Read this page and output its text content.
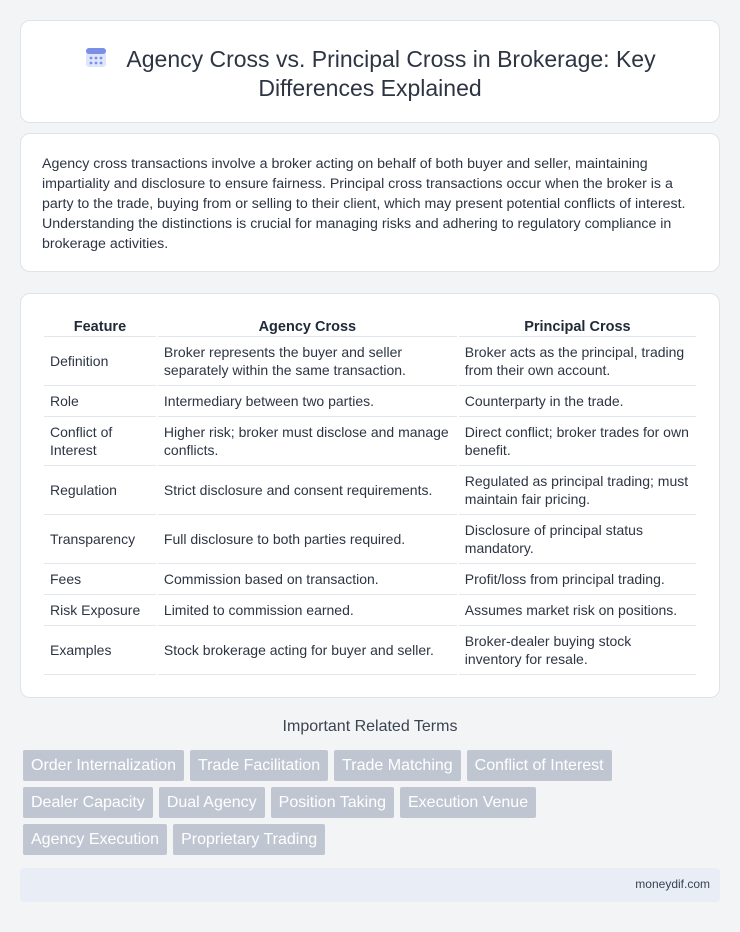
Agency Cross vs. Principal Cross in Brokerage: Key
Differences Explained

Agency cross transactions involve a broker acting on behalf of both buyer and seller, maintaining impartiality and disclosure to ensure fairness. Principal cross transactions occur when the broker is a party to the trade, buying from or selling to their client, which may present potential conflicts of interest. Understanding the distinctions is crucial for managing risks and adhering to regulatory compliance in brokerage activities.

Feature	Agency Cross	Principal Cross
Definition	Broker represents the buyer and seller separately within the same transaction.	Broker acts as the principal, trading from their own account.
Role	Intermediary between two parties.	Counterparty in the trade.
Conflict of Interest	Higher risk; broker must disclose and manage conflicts.	Direct conflict; broker trades for own benefit.
Regulation	Strict disclosure and consent requirements.	Regulated as principal trading; must maintain fair pricing.
Transparency	Full disclosure to both parties required.	Disclosure of principal status mandatory.
Fees	Commission based on transaction.	Profit/loss from principal trading.
Risk Exposure	Limited to commission earned.	Assumes market risk on positions.
Examples	Stock brokerage acting for buyer and seller.	Broker-dealer buying stock inventory for resale.
Important Related Terms
Order Internalization	Trade Facilitation	Trade Matching	Conflict of Interest
Dealer Capacity	Dual Agency	Position Taking	Execution Venue
Agency Execution	Proprietary Trading
moneydif.com
